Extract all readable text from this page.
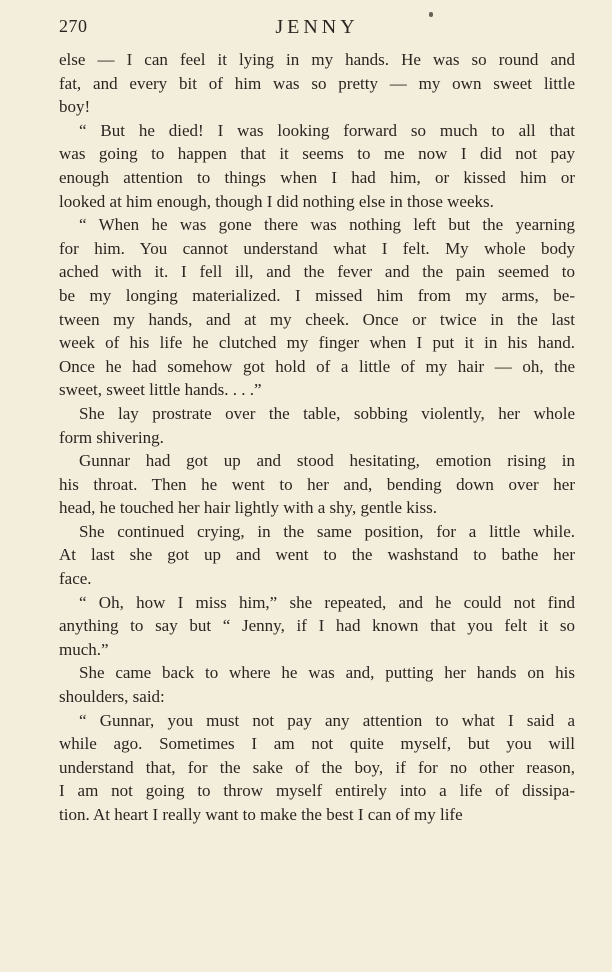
270	JENNY
else — I can feel it lying in my hands. He was so round and
fat, and every bit of him was so pretty — my own sweet little
boy!
“ But he died! I was looking forward so much to all that
was going to happen that it seems to me now I did not pay
enough attention to things when I had him, or kissed him or
looked at him enough, though I did nothing else in those weeks.
“ When he was gone there was nothing left but the yearning
for him. You cannot understand what I felt. My whole body
ached with it. I fell ill, and the fever and the pain seemed to
be my longing materialized. I missed him from my arms, be-
tween my hands, and at my cheek. Once or twice in the last
week of his life he clutched my finger when I put it in his hand.
Once he had somehow got hold of a little of my hair — oh, the
sweet, sweet little hands. . . .”
She lay prostrate over the table, sobbing violently, her whole
form shivering.
Gunnar had got up and stood hesitating, emotion rising in
his throat. Then he went to her and, bending down over her
head, he touched her hair lightly with a shy, gentle kiss.
She continued crying, in the same position, for a little while.
At last she got up and went to the washstand to bathe her
face.
“ Oh, how I miss him,” she repeated, and he could not find
anything to say but “ Jenny, if I had known that you felt it so
much.”
She came back to where he was and, putting her hands on his
shoulders, said:
“ Gunnar, you must not pay any attention to what I said a
while ago. Sometimes I am not quite myself, but you will
understand that, for the sake of the boy, if for no other reason,
I am not going to throw myself entirely into a life of dissipa-
tion. At heart I really want to make the best I can of my life
